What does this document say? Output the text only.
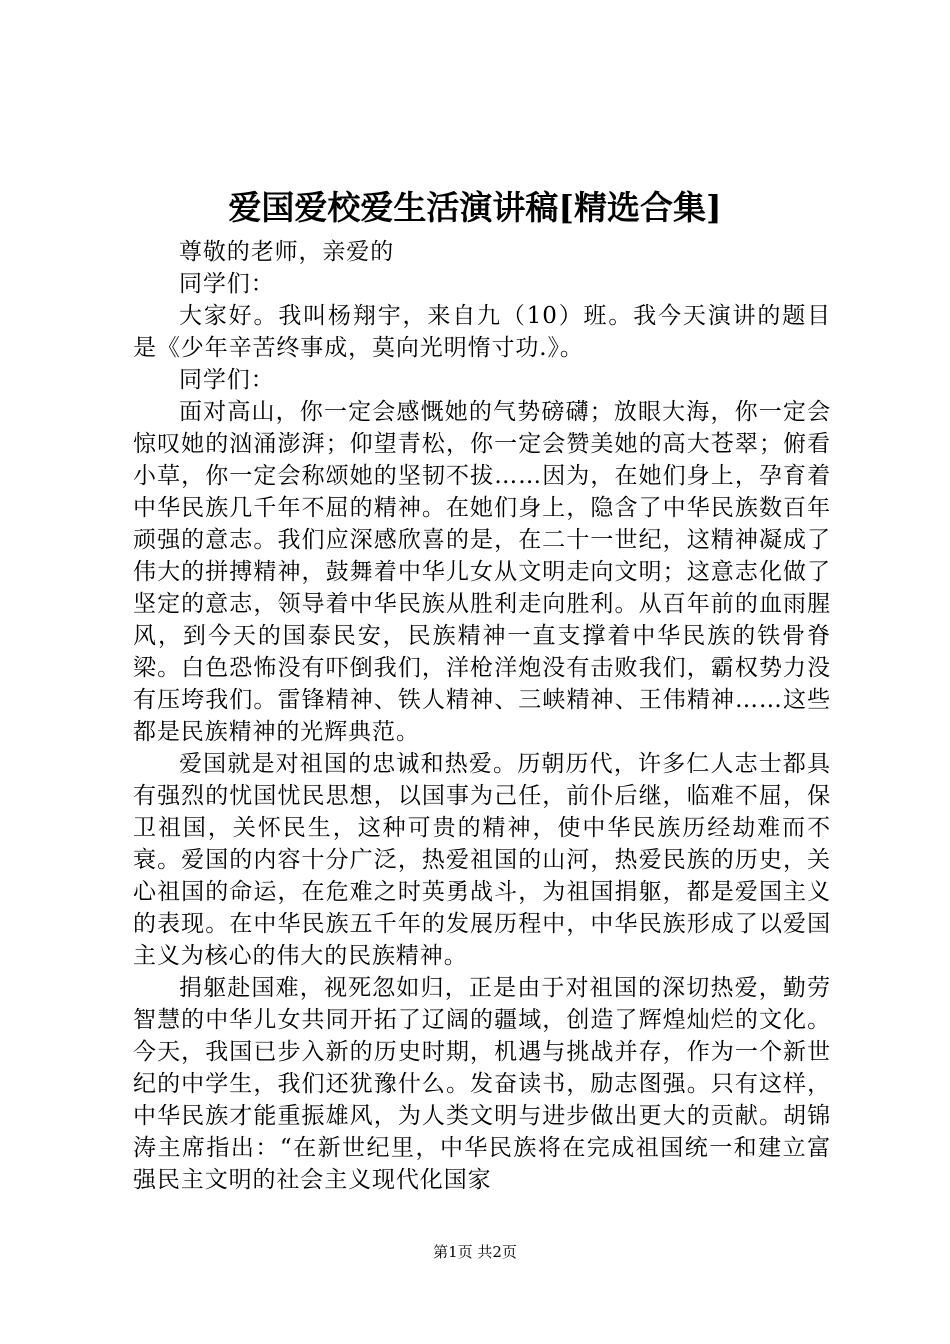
爱国爱校爱生活演讲稿[精选合集]

尊敬的老师，亲爱的

同学们：

大家好。我叫杨翔宇，来自九（10）班。我今天演讲的题目是《少年辛苦终事成，莫向光明惰寸功.》。

同学们：

面对高山，你一定会感慨她的气势磅礴；放眼大海，你一定会惊叹她的汹涌澎湃；仰望青松，你一定会赞美她的高大苍翠；俯看小草，你一定会称颂她的坚韧不拔……因为，在她们身上，孕育着中华民族几千年不屈的精神。在她们身上，隐含了中华民族数百年顽强的意志。我们应深感欣喜的是，在二十一世纪，这精神凝成了伟大的拼搏精神，鼓舞着中华儿女从文明走向文明；这意志化做了坚定的意志，领导着中华民族从胜利走向胜利。从百年前的血雨腥风，到今天的国泰民安，民族精神一直支撑着中华民族的铁骨脊梁。白色恐怖没有吓倒我们，洋枪洋炮没有击败我们，霸权势力没有压垮我们。雷锋精神、铁人精神、三峡精神、王伟精神……这些都是民族精神的光辉典范。

爱国就是对祖国的忠诚和热爱。历朝历代，许多仁人志士都具有强烈的忧国忧民思想，以国事为己任，前仆后继，临难不屈，保卫祖国，关怀民生，这种可贵的精神，使中华民族历经劫难而不衰。爱国的内容十分广泛，热爱祖国的山河，热爱民族的历史，关心祖国的命运，在危难之时英勇战斗，为祖国捐躯，都是爱国主义的表现。在中华民族五千年的发展历程中，中华民族形成了以爱国主义为核心的伟大的民族精神。

捐躯赴国难，视死忽如归，正是由于对祖国的深切热爱，勤劳智慧的中华儿女共同开拓了辽阔的疆域，创造了辉煌灿烂的文化。今天，我国已步入新的历史时期，机遇与挑战并存，作为一个新世纪的中学生，我们还犹豫什么。发奋读书，励志图强。只有这样，中华民族才能重振雄风，为人类文明与进步做出更大的贡献。胡锦涛主席指出：“在新世纪里，中华民族将在完成祖国统一和建立富强民主文明的社会主义现代化国家

第1页 共2页
